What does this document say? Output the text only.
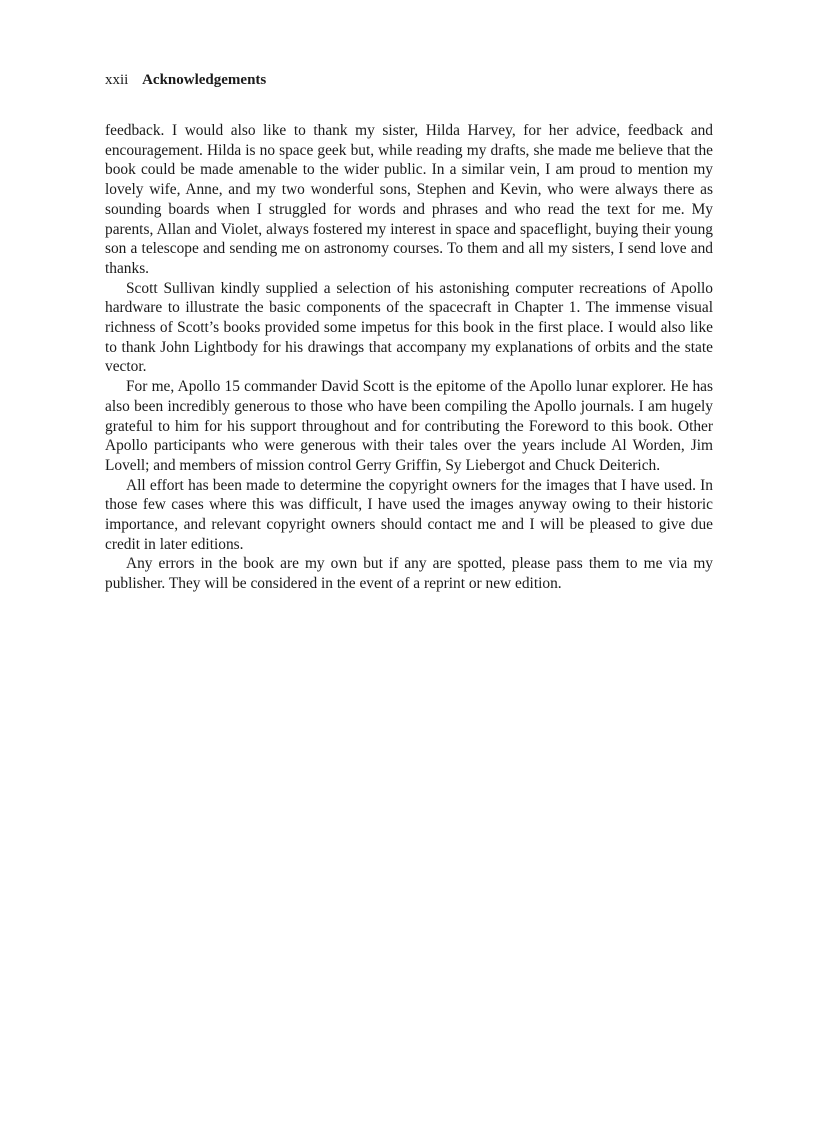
xxii Acknowledgements

feedback. I would also like to thank my sister, Hilda Harvey, for her advice, feedback and encouragement. Hilda is no space geek but, while reading my drafts, she made me believe that the book could be made amenable to the wider public. In a similar vein, I am proud to mention my lovely wife, Anne, and my two wonderful sons, Stephen and Kevin, who were always there as sounding boards when I struggled for words and phrases and who read the text for me. My parents, Allan and Violet, always fostered my interest in space and spaceflight, buying their young son a telescope and sending me on astronomy courses. To them and all my sisters, I send love and thanks.

Scott Sullivan kindly supplied a selection of his astonishing computer recreations of Apollo hardware to illustrate the basic components of the spacecraft in Chapter 1. The immense visual richness of Scott’s books provided some impetus for this book in the first place. I would also like to thank John Lightbody for his drawings that accompany my explanations of orbits and the state vector.

For me, Apollo 15 commander David Scott is the epitome of the Apollo lunar explorer. He has also been incredibly generous to those who have been compiling the Apollo journals. I am hugely grateful to him for his support throughout and for contributing the Foreword to this book. Other Apollo participants who were generous with their tales over the years include Al Worden, Jim Lovell; and members of mission control Gerry Griffin, Sy Liebergot and Chuck Deiterich.

All effort has been made to determine the copyright owners for the images that I have used. In those few cases where this was difficult, I have used the images anyway owing to their historic importance, and relevant copyright owners should contact me and I will be pleased to give due credit in later editions.

Any errors in the book are my own but if any are spotted, please pass them to me via my publisher. They will be considered in the event of a reprint or new edition.
